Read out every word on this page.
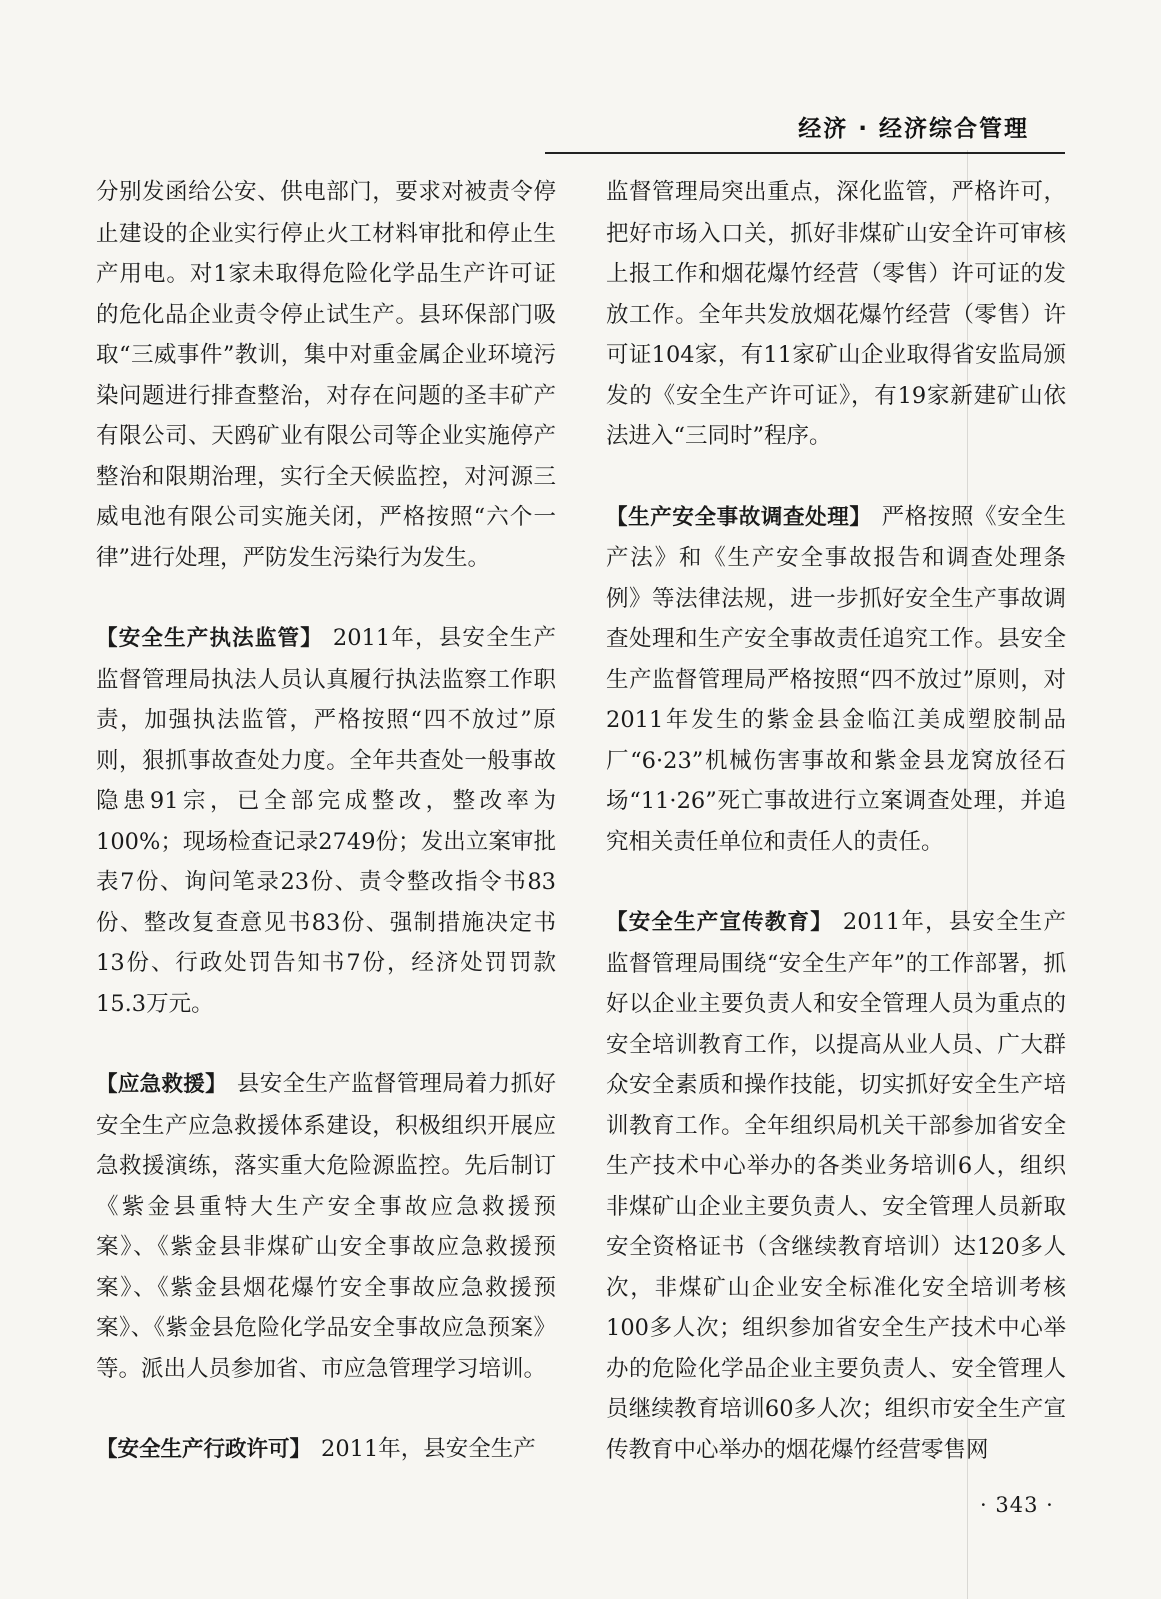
经济 · 经济综合管理

分别发函给公安、供电部门，要求对被责令停止建设的企业实行停止火工材料审批和停止生产用电。对1家未取得危险化学品生产许可证的危化品企业责令停止试生产。县环保部门吸取“三威事件”教训，集中对重金属企业环境污染问题进行排查整治，对存在问题的圣丰矿产有限公司、天鸥矿业有限公司等企业实施停产整治和限期治理，实行全天候监控，对河源三威电池有限公司实施关闭，严格按照“六个一律”进行处理，严防发生污染行为发生。

【安全生产执法监管】 2011年，县安全生产监督管理局执法人员认真履行执法监察工作职责，加强执法监管，严格按照“四不放过”原则，狠抓事故查处力度。全年共查处一般事故隐患91宗，已全部完成整改，整改率为100%；现场检查记录2749份；发出立案审批表7份、询问笔录23份、责令整改指令书83份、整改复查意见书83份、强制措施决定书13份、行政处罚告知书7份，经济处罚罚款15.3万元。

【应急救援】 县安全生产监督管理局着力抓好安全生产应急救援体系建设，积极组织开展应急救援演练，落实重大危险源监控。先后制订《紫金县重特大生产安全事故应急救援预案》、《紫金县非煤矿山安全事故应急救援预案》、《紫金县烟花爆竹安全事故应急救援预案》、《紫金县危险化学品安全事故应急预案》等。派出人员参加省、市应急管理学习培训。

【安全生产行政许可】 2011年，县安全生产

监督管理局突出重点，深化监管，严格许可，把好市场入口关，抓好非煤矿山安全许可审核上报工作和烟花爆竹经营（零售）许可证的发放工作。全年共发放烟花爆竹经营（零售）许可证104家，有11家矿山企业取得省安监局颁发的《安全生产许可证》，有19家新建矿山依法进入“三同时”程序。

【生产安全事故调查处理】 严格按照《安全生产法》和《生产安全事故报告和调查处理条例》等法律法规，进一步抓好安全生产事故调查处理和生产安全事故责任追究工作。县安全生产监督管理局严格按照“四不放过”原则，对2011年发生的紫金县金临江美成塑胶制品厂“6·23”机械伤害事故和紫金县龙窝放径石场“11·26”死亡事故进行立案调查处理，并追究相关责任单位和责任人的责任。

【安全生产宣传教育】 2011年，县安全生产监督管理局围绕“安全生产年”的工作部署，抓好以企业主要负责人和安全管理人员为重点的安全培训教育工作，以提高从业人员、广大群众安全素质和操作技能，切实抓好安全生产培训教育工作。全年组织局机关干部参加省安全生产技术中心举办的各类业务培训6人，组织非煤矿山企业主要负责人、安全管理人员新取安全资格证书（含继续教育培训）达120多人次，非煤矿山企业安全标准化安全培训考核100多人次；组织参加省安全生产技术中心举办的危险化学品企业主要负责人、安全管理人员继续教育培训60多人次；组织市安全生产宣传教育中心举办的烟花爆竹经营零售网

· 343 ·
